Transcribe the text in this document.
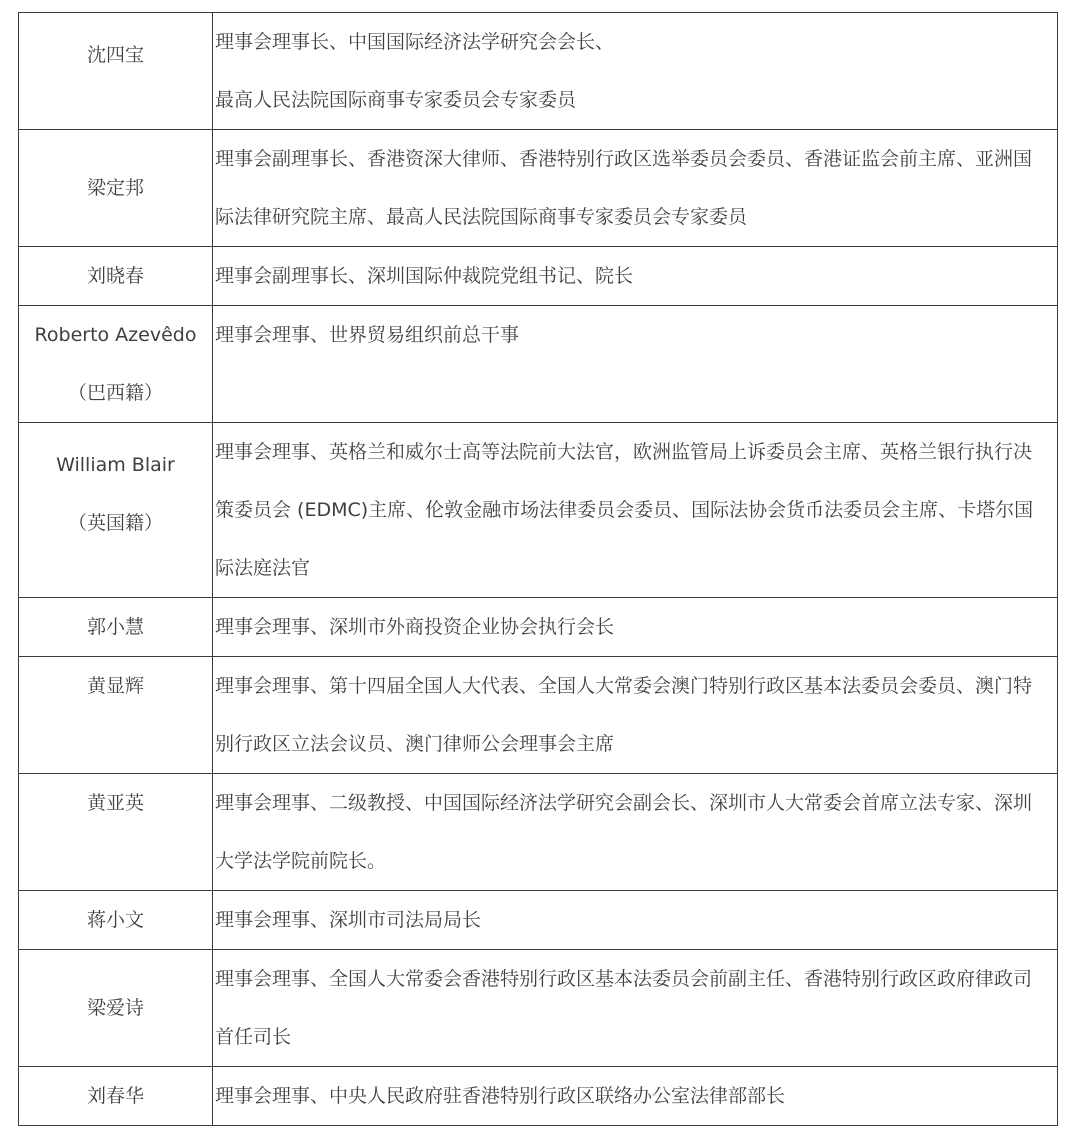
沈四宝	理事会理事长、中国国际经济法学研究会会长、
最高人民法院国际商事专家委员会专家委员

梁定邦	理事会副理事长、香港资深大律师、香港特别行政区选举委员会委员、香港证监会前主席、亚洲国
际法律研究院主席、最高人民法院国际商事专家委员会专家委员

刘晓春	理事会副理事长、深圳国际仲裁院党组书记、院长

Roberto Azevêdo
（巴西籍）	理事会理事、世界贸易组织前总干事

William Blair
（英国籍）	理事会理事、英格兰和威尔士高等法院前大法官，欧洲监管局上诉委员会主席、英格兰银行执行决
策委员会 (EDMC)主席、伦敦金融市场法律委员会委员、国际法协会货币法委员会主席、卡塔尔国
际法庭法官

郭小慧	理事会理事、深圳市外商投资企业协会执行会长

黄显辉	理事会理事、第十四届全国人大代表、全国人大常委会澳门特别行政区基本法委员会委员、澳门特
别行政区立法会议员、澳门律师公会理事会主席

黄亚英	理事会理事、二级教授、中国国际经济法学研究会副会长、深圳市人大常委会首席立法专家、深圳
大学法学院前院长。

蒋小文	理事会理事、深圳市司法局局长

梁爱诗	理事会理事、全国人大常委会香港特别行政区基本法委员会前副主任、香港特别行政区政府律政司
首任司长

刘春华	理事会理事、中央人民政府驻香港特别行政区联络办公室法律部部长
